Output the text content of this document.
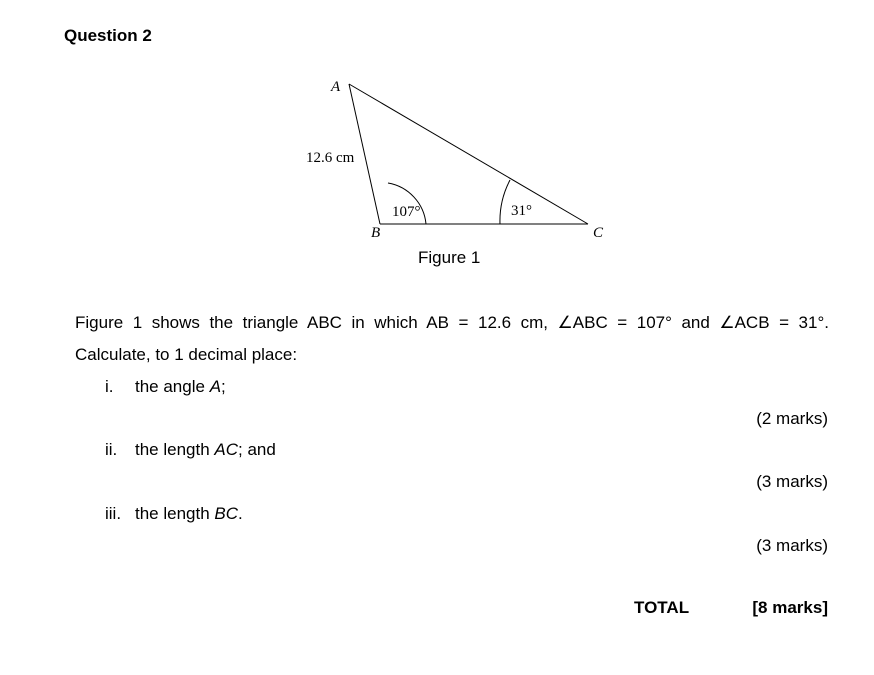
Question 2
A
B	C
12.6 cm
107°	31°
Figure 1
Figure 1 shows the triangle ABC in which AB = 12.6 cm, ∠ABC = 107° and ∠ACB = 31°.
Calculate, to 1 decimal place:
i. the angle A;
(2 marks)
ii. the length AC; and
(3 marks)
iii. the length BC.
(3 marks)
TOTAL	[8 marks]
